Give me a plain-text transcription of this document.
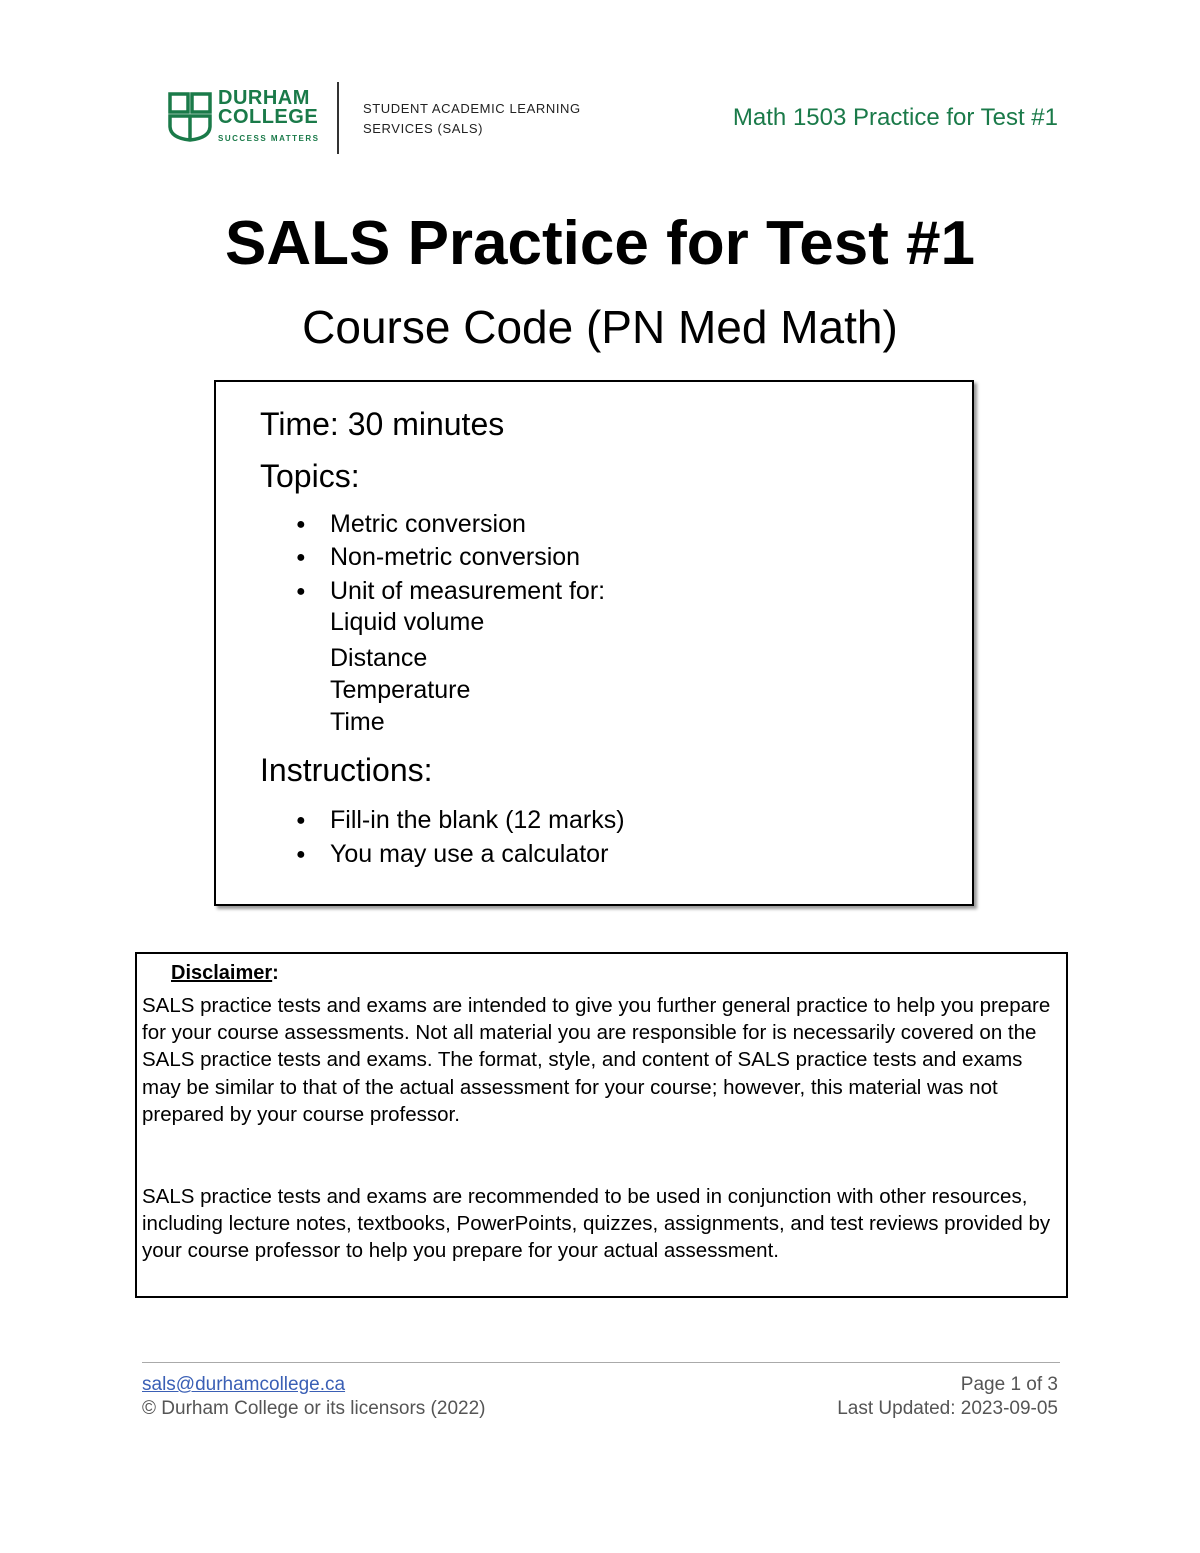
DURHAM
COLLEGE
SUCCESS MATTERS
STUDENT ACADEMIC LEARNING
SERVICES (SALS)	Math 1503 Practice for Test #1
SALS Practice for Test #1
Course Code (PN Med Math)
Time: 30 minutes
Topics:
● Metric conversion
● Non-metric conversion
● Unit of measurement for:
Liquid volume
Distance
Temperature
Time
Instructions:
● Fill-in the blank (12 marks)
● You may use a calculator
Disclaimer:
SALS practice tests and exams are intended to give you further general practice to help you prepare for your course assessments. Not all material you are responsible for is necessarily covered on the SALS practice tests and exams. The format, style, and content of SALS practice tests and exams may be similar to that of the actual assessment for your course; however, this material was not prepared by your course professor.
SALS practice tests and exams are recommended to be used in conjunction with other resources, including lecture notes, textbooks, PowerPoints, quizzes, assignments, and test reviews provided by your course professor to help you prepare for your actual assessment.
sals@durhamcollege.ca
© Durham College or its licensors (2022)
Page 1 of 3
Last Updated: 2023-09-05
